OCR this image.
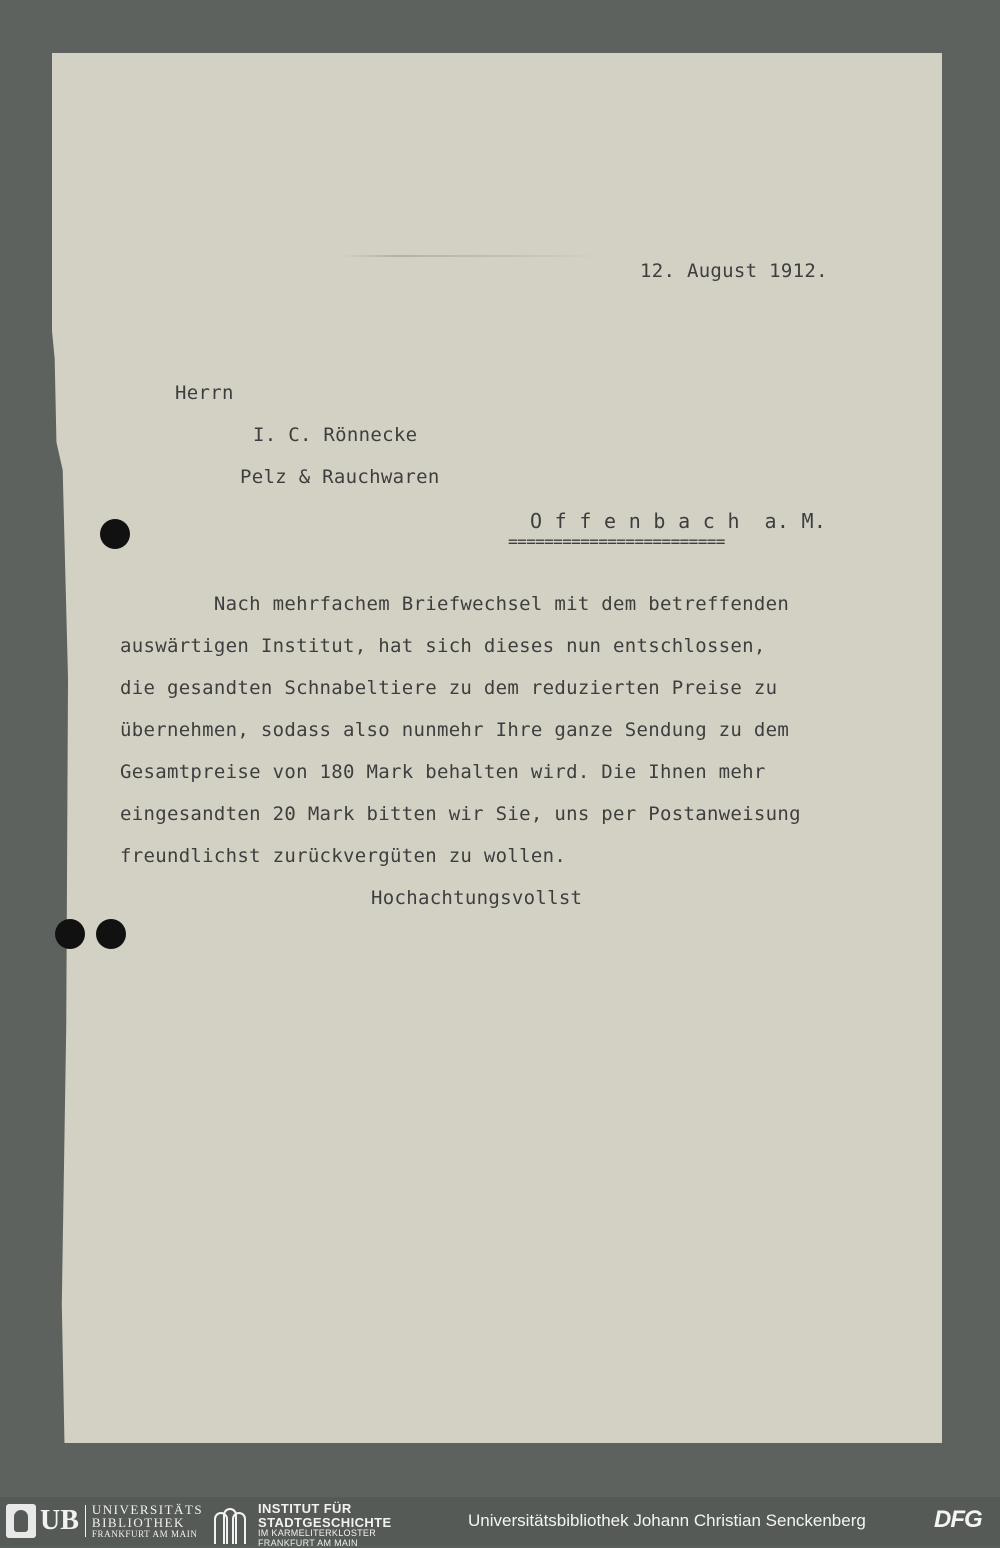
12. August 1912.
Herrn
I. C. Rönnecke
Pelz & Rauchwaren
O f f e n b a c h  a. M.
========================
Nach mehrfachem Briefwechsel mit dem betreffenden
auswärtigen Institut, hat sich dieses nun entschlossen,
die gesandten Schnabeltiere zu dem reduzierten Preise zu
übernehmen, sodass also nunmehr Ihre ganze Sendung zu dem
Gesamtpreise von 180 Mark behalten wird. Die Ihnen mehr
eingesandten 20 Mark bitten wir Sie, uns per Postanweisung
freundlichst zurückvergüten zu wollen.
Hochachtungsvollst
UB UNIVERSITÄTS
BIBLIOTHEK
FRANKFURT AM MAIN
INSTITUT FÜR
STADTGESCHICHTE
IM KARMELITERKLOSTER
FRANKFURT AM MAIN
Universitätsbibliothek Johann Christian Senckenberg	DFG
